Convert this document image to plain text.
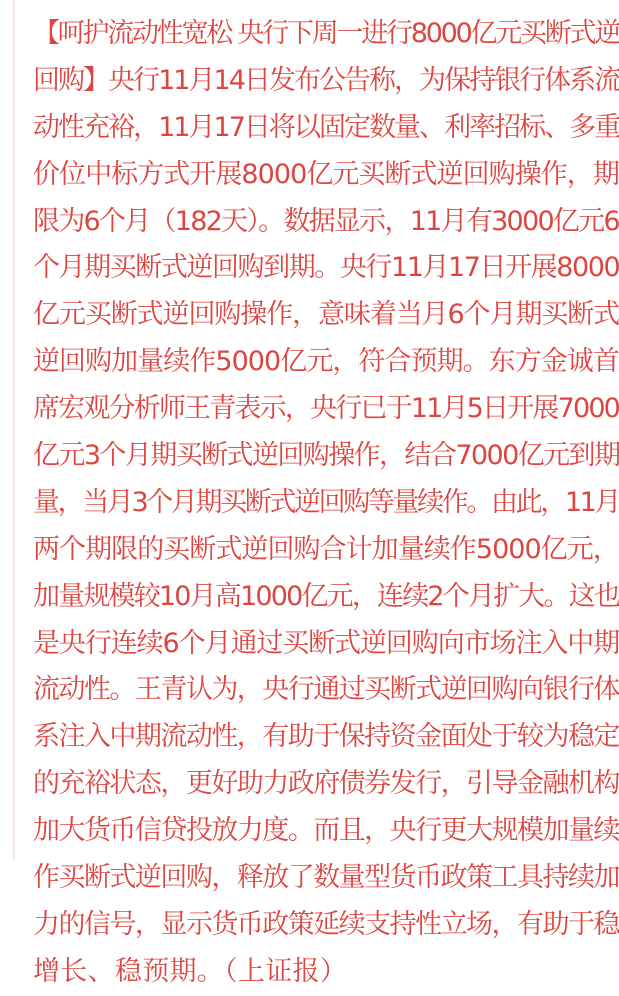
【呵护流动性宽松 央行下周一进行8000亿元买断式逆
回购】央行11月14日发布公告称，为保持银行体系流
动性充裕，11月17日将以固定数量、利率招标、多重
价位中标方式开展8000亿元买断式逆回购操作，期
限为6个月（182天）。数据显示，11月有3000亿元6
个月期买断式逆回购到期。央行11月17日开展8000
亿元买断式逆回购操作，意味着当月6个月期买断式
逆回购加量续作5000亿元，符合预期。东方金诚首
席宏观分析师王青表示，央行已于11月5日开展7000
亿元3个月期买断式逆回购操作，结合7000亿元到期
量，当月3个月期买断式逆回购等量续作。由此，11月
两个期限的买断式逆回购合计加量续作5000亿元，
加量规模较10月高1000亿元，连续2个月扩大。这也
是央行连续6个月通过买断式逆回购向市场注入中期
流动性。王青认为，央行通过买断式逆回购向银行体
系注入中期流动性，有助于保持资金面处于较为稳定
的充裕状态，更好助力政府债券发行，引导金融机构
加大货币信贷投放力度。而且，央行更大规模加量续
作买断式逆回购，释放了数量型货币政策工具持续加
力的信号，显示货币政策延续支持性立场，有助于稳
增长、稳预期。（上证报）
